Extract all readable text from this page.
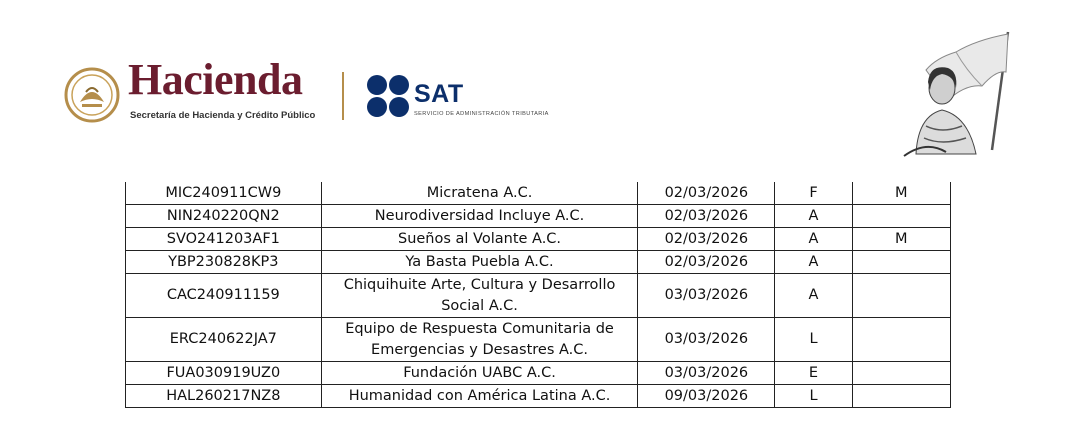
Hacienda
Secretaría de Hacienda y Crédito Público
SAT
SERVICIO DE ADMINISTRACIÓN TRIBUTARIA
MIC240911CW9	Micratena A.C.	02/03/2026	F	M
NIN240220QN2	Neurodiversidad Incluye A.C.	02/03/2026	A	
SVO241203AF1	Sueños al Volante A.C.	02/03/2026	A	M
YBP230828KP3	Ya Basta Puebla A.C.	02/03/2026	A	
CAC240911159	Chiquihuite Arte, Cultura y Desarrollo Social A.C.	03/03/2026	A	
ERC240622JA7	Equipo de Respuesta Comunitaria de Emergencias y Desastres A.C.	03/03/2026	L	
FUA030919UZ0	Fundación UABC A.C.	03/03/2026	E	
HAL260217NZ8	Humanidad con América Latina A.C.	09/03/2026	L	
